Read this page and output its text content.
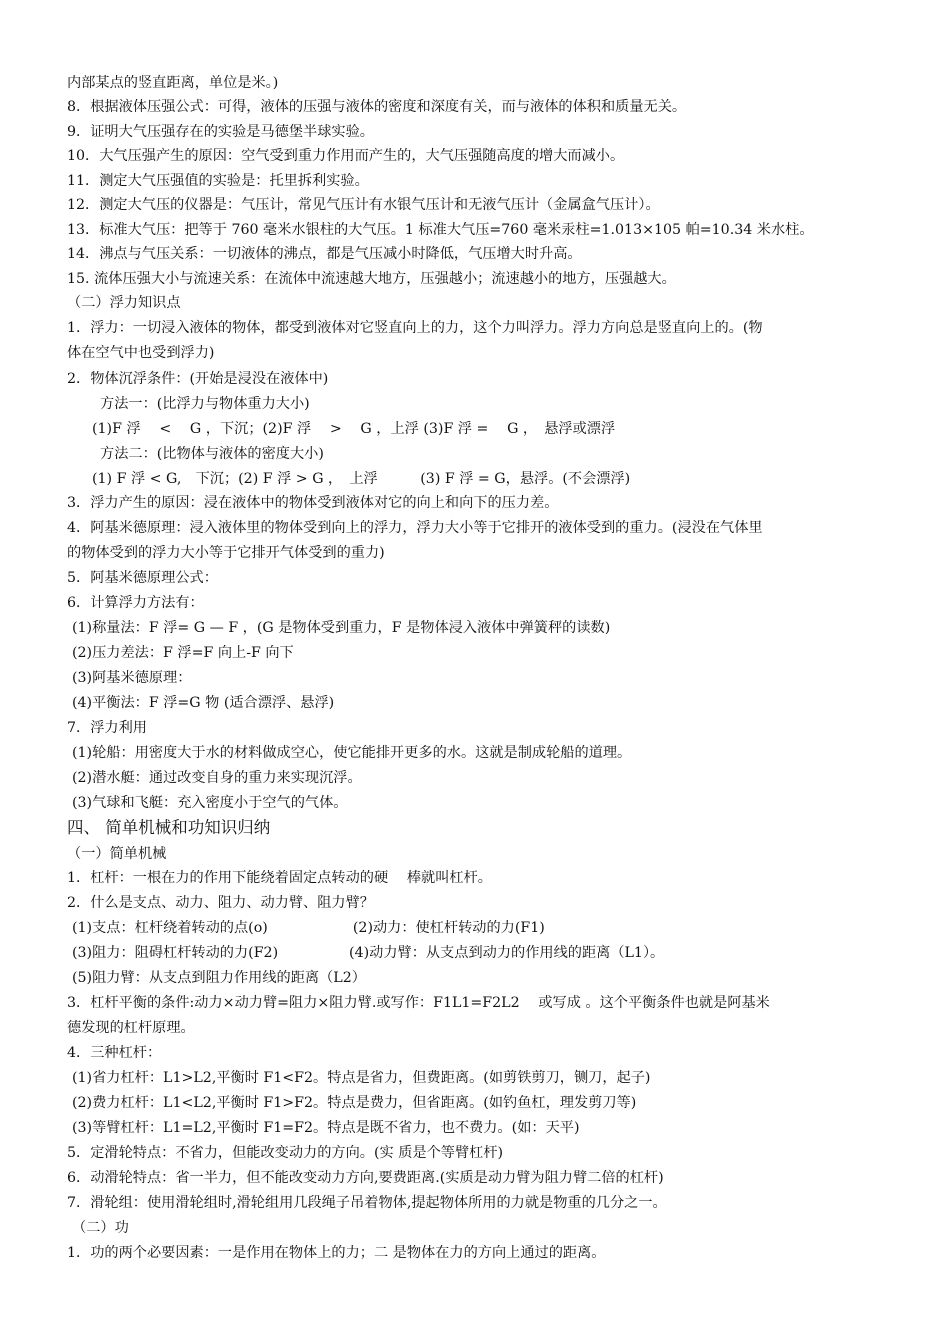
内部某点的竖直距离，单位是米。)
8．根据液体压强公式：可得，液体的压强与液体的密度和深度有关，而与液体的体积和质量无关。
9．证明大气压强存在的实验是马德堡半球实验。
10．大气压强产生的原因：空气受到重力作用而产生的，大气压强随高度的增大而减小。
11．测定大气压强值的实验是：托里拆利实验。
12．测定大气压的仪器是：气压计，常见气压计有水银气压计和无液气压计（金属盒气压计）。
13．标准大气压：把等于 760 毫米水银柱的大气压。1 标准大气压=760 毫米汞柱=1.013×105 帕=10.34 米水柱。
14．沸点与气压关系：一切液体的沸点，都是气压减小时降低，气压增大时升高。
15. 流体压强大小与流速关系：在流体中流速越大地方，压强越小；流速越小的地方，压强越大。
（二）浮力知识点
1．浮力：一切浸入液体的物体，都受到液体对它竖直向上的力，这个力叫浮力。浮力方向总是竖直向上的。(物
体在空气中也受到浮力)
2．物体沉浮条件：(开始是浸没在液体中)
方法一：(比浮力与物体重力大小)
(1)F 浮　 <　 G ，下沉；(2)F 浮　 >　 G ，上浮 (3)F 浮 =　 G ，　悬浮或漂浮
方法二：(比物体与液体的密度大小)
(1) F 浮 < G,　下沉；(2) F 浮 > G ，　上浮　　　(3) F 浮 = G，悬浮。(不会漂浮)
3．浮力产生的原因：浸在液体中的物体受到液体对它的向上和向下的压力差。
4．阿基米德原理：浸入液体里的物体受到向上的浮力，浮力大小等于它排开的液体受到的重力。(浸没在气体里
的物体受到的浮力大小等于它排开气体受到的重力)
5．阿基米德原理公式：
6．计算浮力方法有：
(1)称量法：F 浮= G — F ，(G 是物体受到重力，F 是物体浸入液体中弹簧秤的读数)
(2)压力差法：F 浮=F 向上-F 向下
(3)阿基米德原理：
(4)平衡法：F 浮=G 物 (适合漂浮、悬浮)
7．浮力利用
(1)轮船：用密度大于水的材料做成空心，使它能排开更多的水。这就是制成轮船的道理。
(2)潜水艇：通过改变自身的重力来实现沉浮。
(3)气球和飞艇：充入密度小于空气的气体。
四、 简单机械和功知识归纳
（一）简单机械
1．杠杆：一根在力的作用下能绕着固定点转动的硬　 棒就叫杠杆。
2．什么是支点、动力、阻力、动力臂、阻力臂？
(1)支点：杠杆绕着转动的点(o)　　　　　　(2)动力：使杠杆转动的力(F1)
(3)阻力：阻碍杠杆转动的力(F2)　　　　　(4)动力臂：从支点到动力的作用线的距离（L1）。
(5)阻力臂：从支点到阻力作用线的距离（L2）
3．杠杆平衡的条件:动力×动力臂=阻力×阻力臂.或写作：F1L1=F2L2　 或写成 。这个平衡条件也就是阿基米
德发现的杠杆原理。
4．三种杠杆：
(1)省力杠杆：L1>L2,平衡时 F1<F2。特点是省力，但费距离。(如剪铁剪刀，铡刀，起子)
(2)费力杠杆：L1<L2,平衡时 F1>F2。特点是费力，但省距离。(如钓鱼杠，理发剪刀等)
(3)等臂杠杆：L1=L2,平衡时 F1=F2。特点是既不省力，也不费力。(如：天平)
5．定滑轮特点：不省力，但能改变动力的方向。(实 质是个等臂杠杆)
6．动滑轮特点：省一半力，但不能改变动力方向,要费距离.(实质是动力臂为阻力臂二倍的杠杆)
7．滑轮组：使用滑轮组时,滑轮组用几段绳子吊着物体,提起物体所用的力就是物重的几分之一。
（二）功
1．功的两个必要因素：一是作用在物体上的力；二 是物体在力的方向上通过的距离。
